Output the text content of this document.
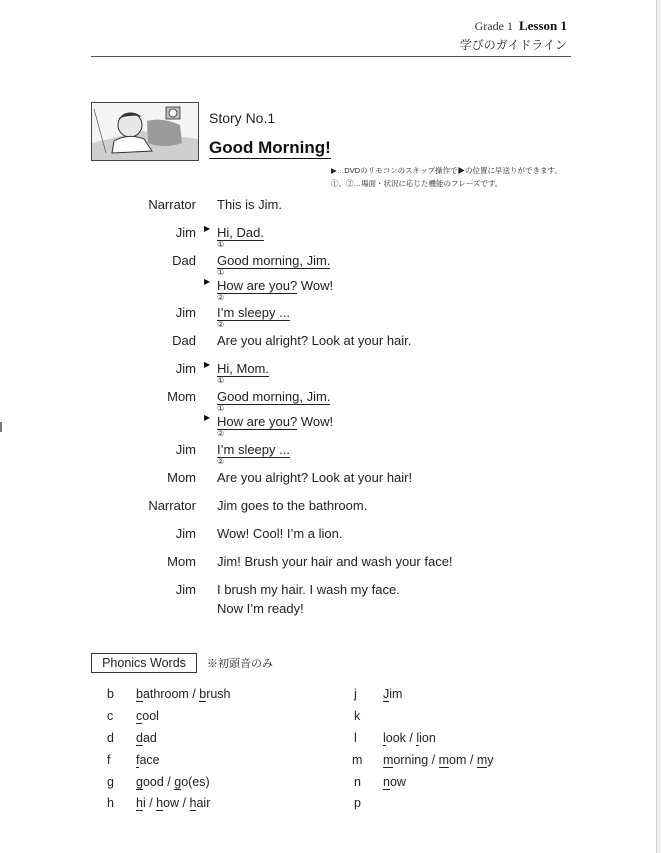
Grade 1 Lesson 1
学びのガイドライン
Story No.1
Good Morning!
▶…DVDのリモコンのスキップ操作で▶の位置に早送りができます。
①、②…場面・状況に応じた機能のフレーズです。
Narrator This is Jim.
Jim ▶ Hi, Dad.
①
Dad Good morning, Jim.
①
▶ How are you? Wow!
②
Jim I’m sleepy ...
②
Dad Are you alright? Look at your hair.
Jim ▶ Hi, Mom.
①
Mom Good morning, Jim.
①
▶ How are you? Wow!
②
Jim I’m sleepy ...
②
Mom Are you alright? Look at your hair!
Narrator Jim goes to the bathroom.
Jim Wow! Cool! I’m a lion.
Mom Jim! Brush your hair and wash your face!
Jim I brush my hair. I wash my face.
Now I’m ready!
Phonics Words	※初頭音のみ
b bathroom / brush
c cool
d dad
f face
g good / go(es)
h hi / how / hair
j Jim
k
l look / lion
m morning / mom / my
n now
p
